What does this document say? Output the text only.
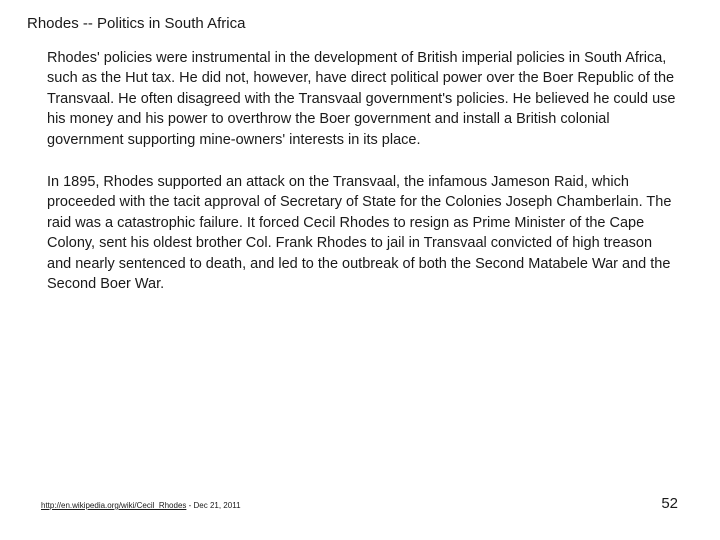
Rhodes -- Politics in South Africa

Rhodes' policies were instrumental in the development of British imperial policies in South Africa, such as the Hut tax. He did not, however, have direct political power over the Boer Republic of the Transvaal. He often disagreed with the Transvaal government's policies. He believed he could use his money and his power to overthrow the Boer government and install a British colonial government supporting mine-owners' interests in its place.

In 1895, Rhodes supported an attack on the Transvaal, the infamous Jameson Raid, which proceeded with the tacit approval of Secretary of State for the Colonies Joseph Chamberlain. The raid was a catastrophic failure. It forced Cecil Rhodes to resign as Prime Minister of the Cape Colony, sent his oldest brother Col. Frank Rhodes to jail in Transvaal convicted of high treason and nearly sentenced to death, and led to the outbreak of both the Second Matabele War and the Second Boer War.

http://en.wikipedia.org/wiki/Cecil_Rhodes - Dec 21, 2011	52
